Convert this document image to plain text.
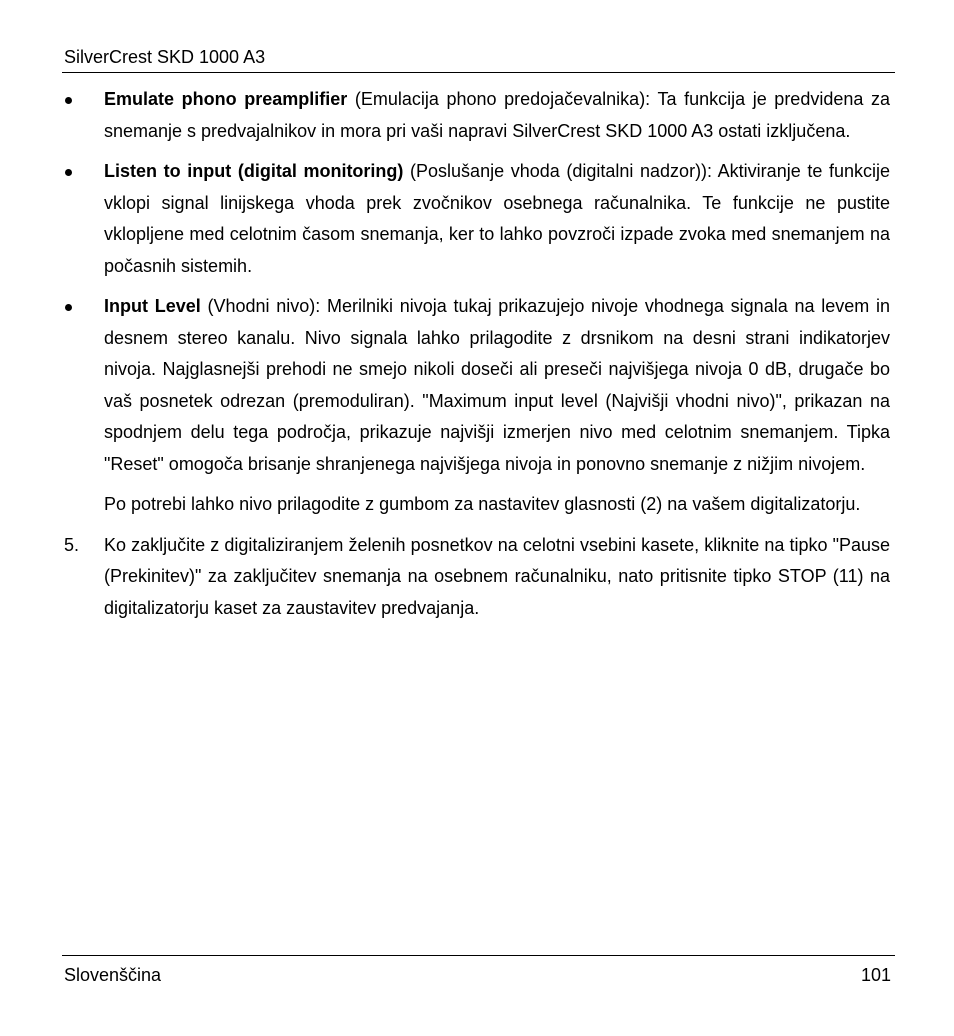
SilverCrest SKD 1000 A3
Emulate phono preamplifier (Emulacija phono predojačevalnika): Ta funkcija je predvidena za snemanje s predvajalnikov in mora pri vaši napravi SilverCrest SKD 1000 A3 ostati izključena.
Listen to input (digital monitoring) (Poslušanje vhoda (digitalni nadzor)): Aktiviranje te funkcije vklopi signal linijskega vhoda prek zvočnikov osebnega računalnika. Te funkcije ne pustite vklopljene med celotnim časom snemanja, ker to lahko povzroči izpade zvoka med snemanjem na počasnih sistemih.
Input Level (Vhodni nivo): Merilniki nivoja tukaj prikazujejo nivoje vhodnega signala na levem in desnem stereo kanalu. Nivo signala lahko prilagodite z drsnikom na desni strani indikatorjev nivoja. Najglasnejši prehodi ne smejo nikoli doseči ali preseči najvišjega nivoja 0 dB, drugače bo vaš posnetek odrezan (premoduliran). "Maximum input level (Najvišji vhodni nivo)", prikazan na spodnjem delu tega področja, prikazuje najvišji izmerjen nivo med celotnim snemanjem. Tipka "Reset" omogoča brisanje shranjenega najvišjega nivoja in ponovno snemanje z nižjim nivojem.
Po potrebi lahko nivo prilagodite z gumbom za nastavitev glasnosti (2) na vašem digitalizatorju.
5. Ko zaključite z digitaliziranjem želenih posnetkov na celotni vsebini kasete, kliknite na tipko "Pause (Prekinitev)" za zaključitev snemanja na osebnem računalniku, nato pritisnite tipko STOP (11) na digitalizatorju kaset za zaustavitev predvajanja.
Slovenščina	101
